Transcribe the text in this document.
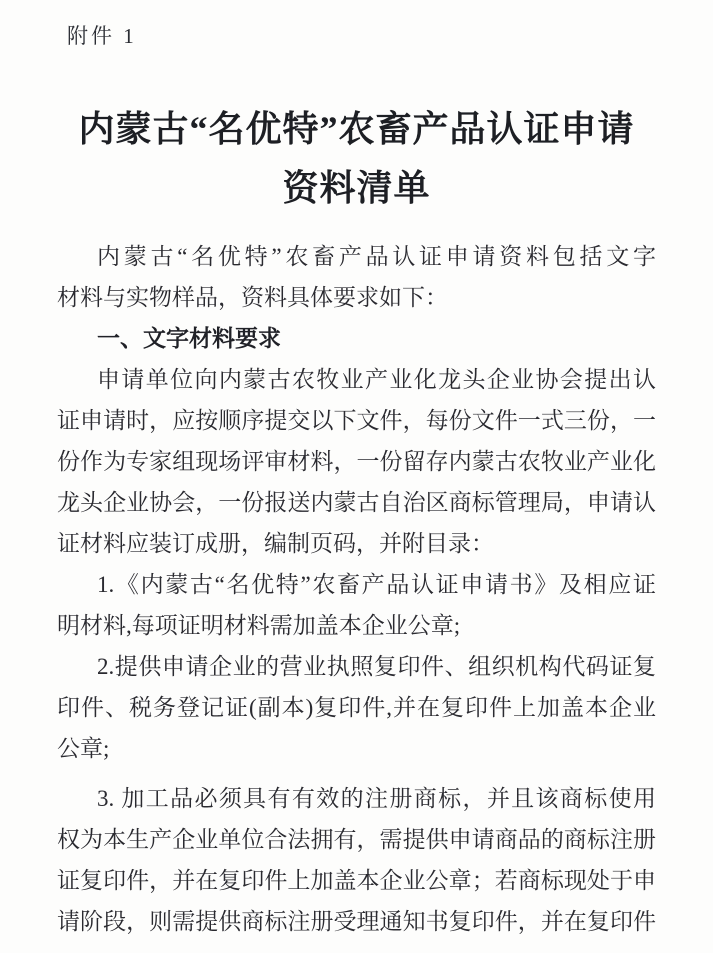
附件 1
内蒙古“名优特”农畜产品认证申请
资料清单
内蒙古“名优特”农畜产品认证申请资料包括文字
材料与实物样品，资料具体要求如下：
一、文字材料要求
申请单位向内蒙古农牧业产业化龙头企业协会提出认
证申请时，应按顺序提交以下文件，每份文件一式三份，一
份作为专家组现场评审材料，一份留存内蒙古农牧业产业化
龙头企业协会，一份报送内蒙古自治区商标管理局，申请认
证材料应装订成册，编制页码，并附目录：
1.《内蒙古“名优特”农畜产品认证申请书》及相应证
明材料,每项证明材料需加盖本企业公章;
2.提供申请企业的营业执照复印件、组织机构代码证复
印件、税务登记证(副本)复印件,并在复印件上加盖本企业
公章;
3. 加工品必须具有有效的注册商标，并且该商标使用
权为本生产企业单位合法拥有，需提供申请商品的商标注册
证复印件，并在复印件上加盖本企业公章；若商标现处于申
请阶段，则需提供商标注册受理通知书复印件，并在复印件
